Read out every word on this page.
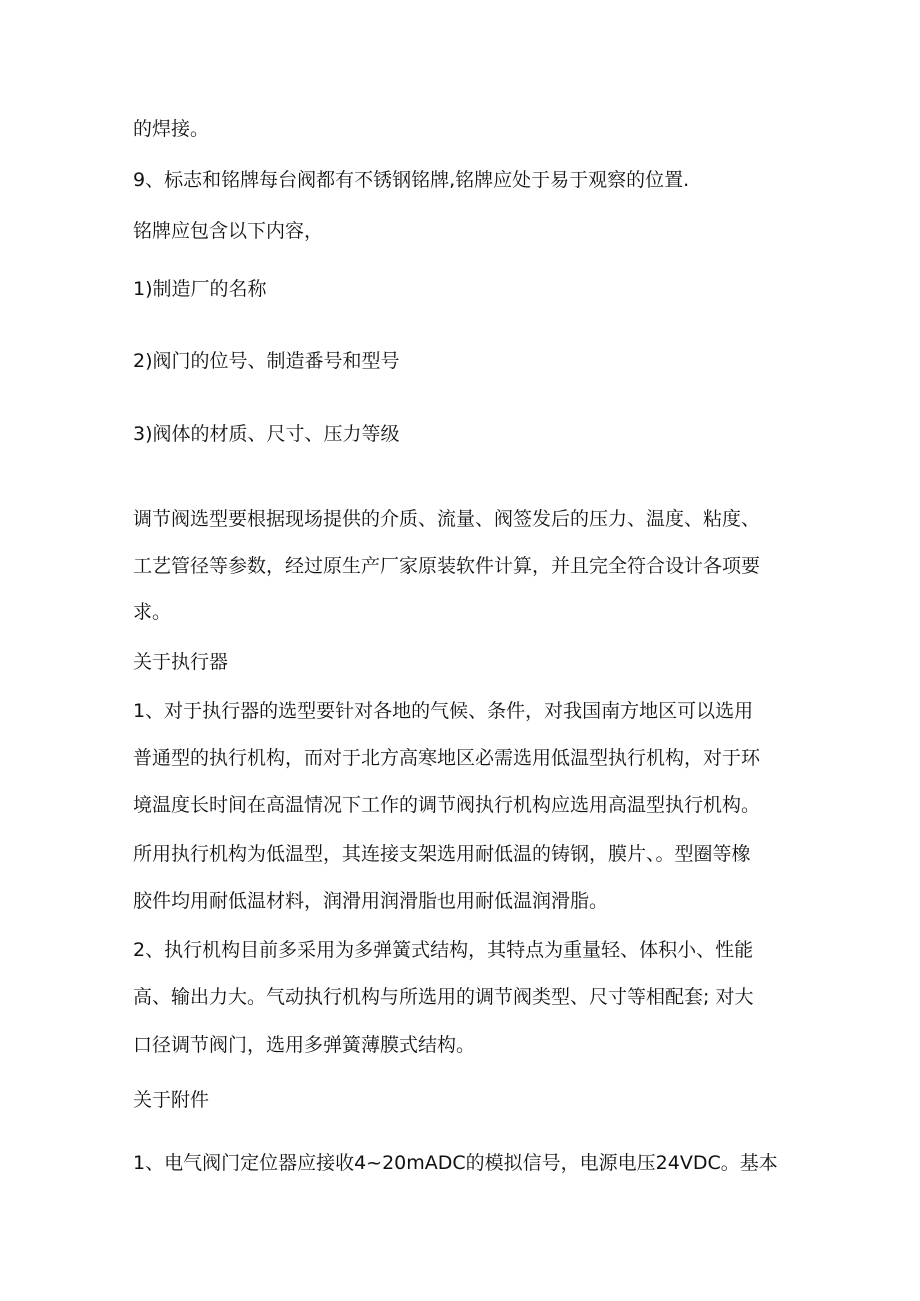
的焊接。

9、标志和铭牌每台阀都有不锈钢铭牌,铭牌应处于易于观察的位置.

铭牌应包含以下内容，

1)制造厂的名称

2)阀门的位号、制造番号和型号

3)阀体的材质、尺寸、压力等级

调节阀选型要根据现场提供的介质、流量、阀签发后的压力、温度、粘度、

工艺管径等参数，经过原生产厂家原装软件计算，并且完全符合设计各项要

求。

关于执行器

1、对于执行器的选型要针对各地的气候、条件，对我国南方地区可以选用

普通型的执行机构，而对于北方高寒地区必需选用低温型执行机构，对于环

境温度长时间在高温情况下工作的调节阀执行机构应选用高温型执行机构。

所用执行机构为低温型，其连接支架选用耐低温的铸钢，膜片、。型圈等橡

胶件均用耐低温材料，润滑用润滑脂也用耐低温润滑脂。

2、执行机构目前多采用为多弹簧式结构，其特点为重量轻、体积小、性能

高、输出力大。气动执行机构与所选用的调节阀类型、尺寸等相配套; 对大

口径调节阀门，选用多弹簧薄膜式结构。

关于附件

1、电气阀门定位器应接收4~20mADC的模拟信号，电源电压24VDC。基本
